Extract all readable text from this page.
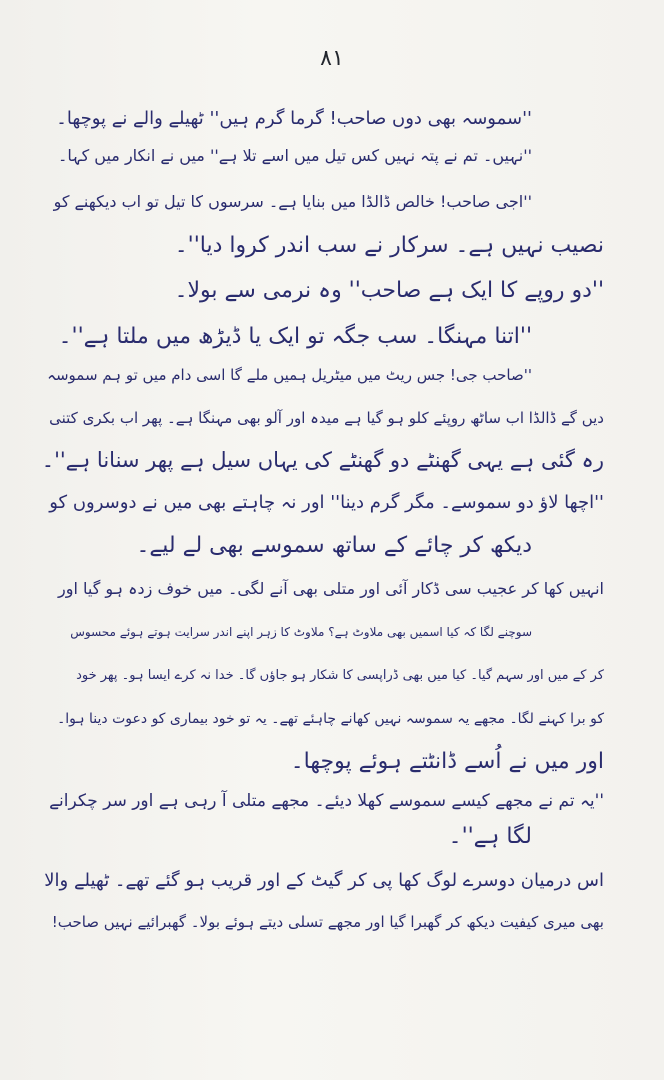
٨١
''سموسہ بھی دوں صاحب! گرما گرم ہیں'' ٹھیلے والے نے پوچھا۔
''نہیں۔ تم نے پتہ نہیں کس تیل میں اسے تلا ہے'' میں نے انکار میں کہا۔
''اجی صاحب! خالص ڈالڈا میں بنایا ہے۔ سرسوں کا تیل تو اب دیکھنے کو
نصیب نہیں ہے۔ سرکار نے سب اندر کروا دیا''۔
''دو روپے کا ایک ہے صاحب'' وہ نرمی سے بولا۔
''اتنا مہنگا۔ سب جگہ تو ایک یا ڈیڑھ میں ملتا ہے''۔
''صاحب جی! جس ریٹ میں میٹریل ہمیں ملے گا اسی دام میں تو ہم سموسہ
دیں گے ڈالڈا اب ساٹھ روپئے کلو ہو گیا ہے میدہ اور آلو بھی مہنگا ہے۔ پھر اب بکری کتنی
رہ گئی ہے یہی گھنٹے دو گھنٹے کی یہاں سیل ہے پھر سنانا ہے''۔
''اچھا لاؤ دو سموسے۔ مگر گرم دینا'' اور نہ چاہتے بھی میں نے دوسروں کو
دیکھ کر چائے کے ساتھ سموسے بھی لے لیے۔
انہیں کھا کر عجیب سی ڈکار آئی اور متلی بھی آنے لگی۔ میں خوف زدہ ہو گیا اور
سوچنے لگا کہ کیا اسمیں بھی ملاوٹ ہے؟ ملاوٹ کا زہر اپنے اندر سرایت ہوتے ہوئے محسوس
کر کے میں اور سہم گیا۔ کیا میں بھی ڈراپسی کا شکار ہو جاؤں گا۔ خدا نہ کرے ایسا ہو۔ پھر خود
کو برا کہنے لگا۔ مجھے یہ سموسہ نہیں کھانے چاہئے تھے۔ یہ تو خود بیماری کو دعوت دینا ہوا۔
اور میں نے اُسے ڈانٹتے ہوئے پوچھا۔
''یہ تم نے مجھے کیسے سموسے کھلا دیئے۔ مجھے متلی آ رہی ہے اور سر چکرانے
لگا ہے''۔
اس درمیان دوسرے لوگ کھا پی کر گیٹ کے اور قریب ہو گئے تھے۔ ٹھیلے والا
بھی میری کیفیت دیکھ کر گھبرا گیا اور مجھے تسلی دیتے ہوئے بولا۔ گھبرائیے نہیں صاحب!
